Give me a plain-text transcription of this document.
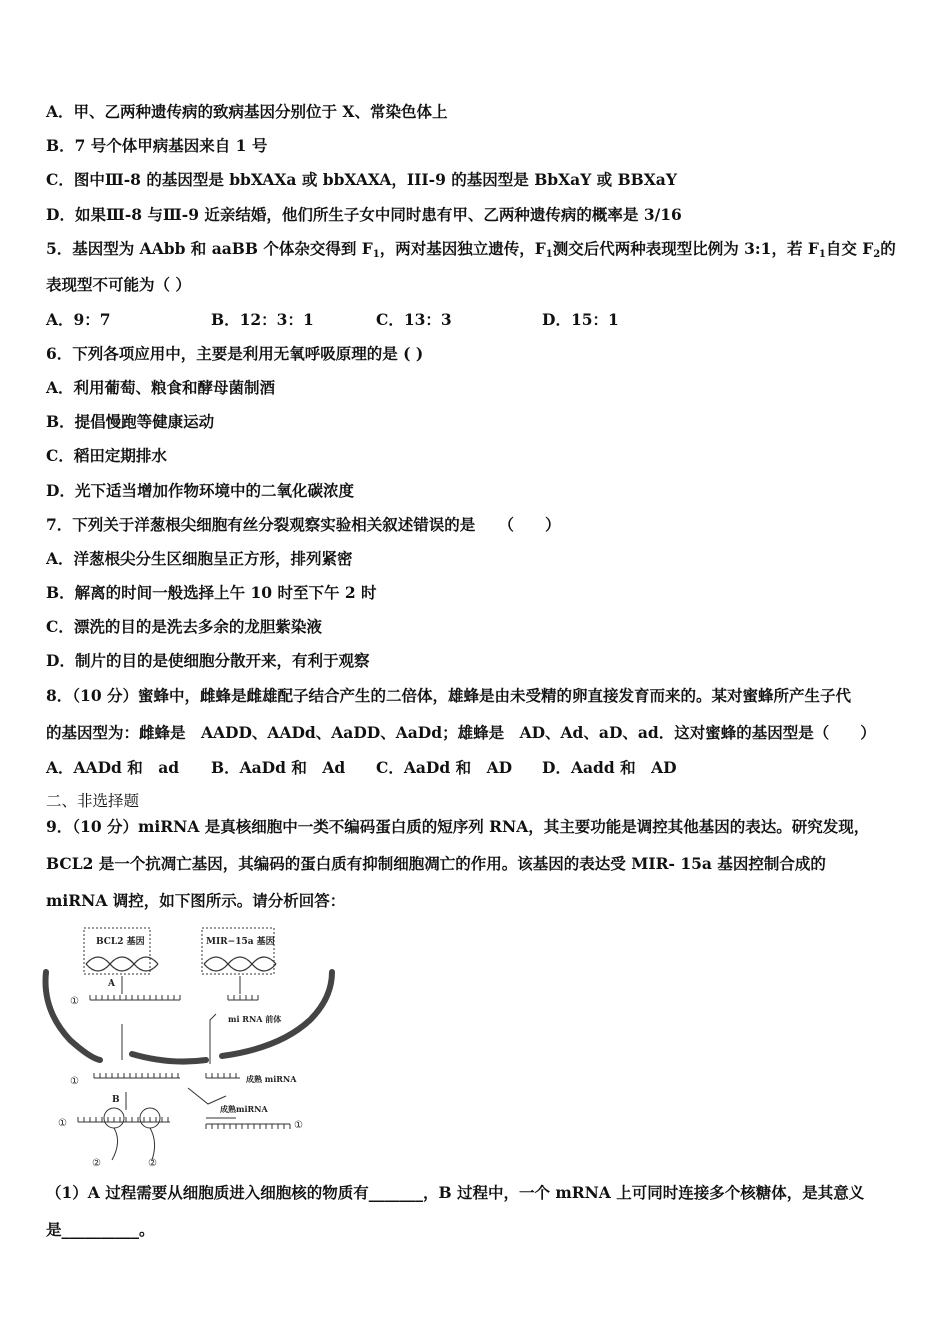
A．甲、乙两种遗传病的致病基因分别位于 X、常染色体上
B．7 号个体甲病基因来自 1 号
C．图中Ⅲ-8 的基因型是 bbXAXa 或 bbXAXA，III-9 的基因型是 BbXaY 或 BBXaY
D．如果Ⅲ-8 与Ⅲ-9 近亲结婚，他们所生子女中同时患有甲、乙两种遗传病的概率是 3/16
5．基因型为 AAbb 和 aaBB 个体杂交得到 $F_1$，两对基因独立遗传，$F_1$测交后代两种表现型比例为 3:1，若 $F_1$自交 $F_2$的
表现型不可能为（ ）
A．9：7	B．12：3：1	C．13：3	D．15：1
6．下列各项应用中，主要是利用无氧呼吸原理的是 ( )
A．利用葡萄、粮食和酵母菌制酒
B．提倡慢跑等健康运动
C．稻田定期排水
D．光下适当增加作物环境中的二氧化碳浓度
7．下列关于洋葱根尖细胞有丝分裂观察实验相关叙述错误的是　　（　　）
A．洋葱根尖分生区细胞呈正方形，排列紧密
B．解离的时间一般选择上午 10 时至下午 2 时
C．漂洗的目的是洗去多余的龙胆紫染液
D．制片的目的是使细胞分散开来，有利于观察
8．（10 分）蜜蜂中，雌蜂是雌雄配子结合产生的二倍体，雄蜂是由未受精的卵直接发育而来的。某对蜜蜂所产生子代
的基因型为：雌蜂是　AADD、AADd、AaDD、AaDd；雄蜂是　AD、Ad、aD、ad．这对蜜蜂的基因型是（　　）
A．AADd 和　ad B．AaDd 和　Ad C．AaDd 和　AD D．Aadd 和　AD
二、非选择题
9．（10 分）miRNA 是真核细胞中一类不编码蛋白质的短序列 RNA，其主要功能是调控其他基因的表达。研究发现，
BCL2 是一个抗凋亡基因，其编码的蛋白质有抑制细胞凋亡的作用。该基因的表达受 MIR- 15a 基因控制合成的
miRNA 调控，如下图所示。请分析回答：
BCL2 基因	MIR−15a 基因
A
①
mi RNA 前体
①	成熟 miRNA
成熟miRNA
B
①
②	②
①
（1）A 过程需要从细胞质进入细胞核的物质有_______，B 过程中，一个 mRNA 上可同时连接多个核糖体，是其意义
是__________。
